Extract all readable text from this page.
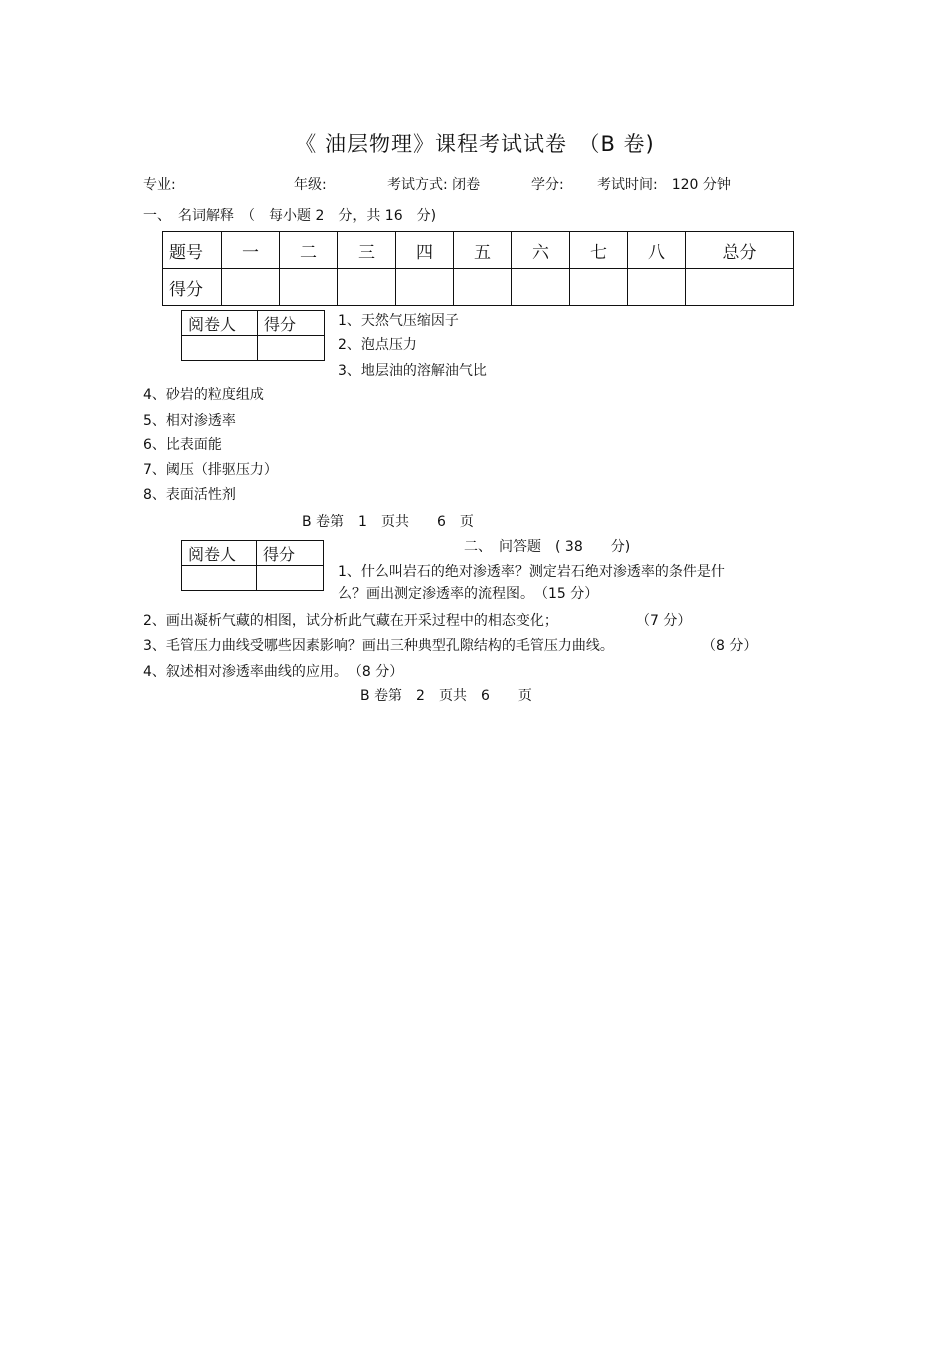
《 油层物理》课程考试试卷　（B 卷)
专业:	年级:	考试方式: 闭卷	学分: 考试时间:　120 分钟
一、　名词解释　（　每小题 2　分，共 16　分)
题号	一	二	三	四	五	六	七	八	总分
得分									
阅卷人	得分
		1、天然气压缩因子
2、泡点压力
3、地层油的溶解油气比
4、砂岩的粒度组成
5、相对渗透率
6、比表面能
7、阈压（排驱压力）
8、表面活性剂
B 卷第　1　页共　　6　页
阅卷人	得分
		二、　问答题　( 38　　分)
1、什么叫岩石的绝对渗透率？测定岩石绝对渗透率的条件是什
么？画出测定渗透率的流程图。　（15 分）
2、画出凝析气藏的相图，试分析此气藏在开采过程中的相态变化；	（7 分）
3、毛管压力曲线受哪些因素影响？画出三种典型孔隙结构的毛管压力曲线。	（8 分）
4、叙述相对渗透率曲线的应用。　（8 分）
B 卷第　2　页共　6　　页
